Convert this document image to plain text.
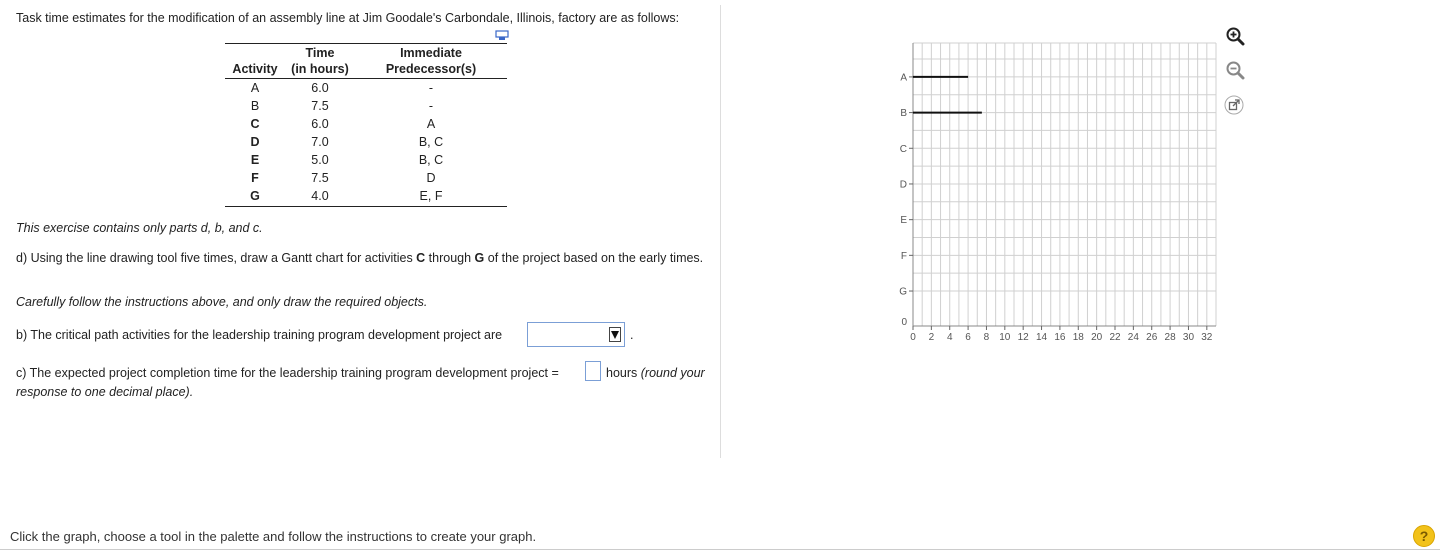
Task time estimates for the modification of an assembly line at Jim Goodale's Carbondale, Illinois, factory are as follows:
	Time	Immediate
Activity	(in hours)	Predecessor(s)
A	6.0	-
B	7.5	-
C	6.0	A
D	7.0	B, C
E	5.0	B, C
F	7.5	D
G	4.0	E, F
This exercise contains only parts d, b, and c.
d) Using the line drawing tool five times, draw a Gantt chart for activities C through G of the project based on the early times.
Carefully follow the instructions above, and only draw the required objects.
b) The critical path activities for the leadership training program development project are	.
c) The expected project completion time for the leadership training program development project =	hours (round your
response to one decimal place).
A
B
C
D
E
F
G
0
0 2 4 6 8 10 12 14 16 18 20 22 24 26 28 30 32
Click the graph, choose a tool in the palette and follow the instructions to create your graph.	?
